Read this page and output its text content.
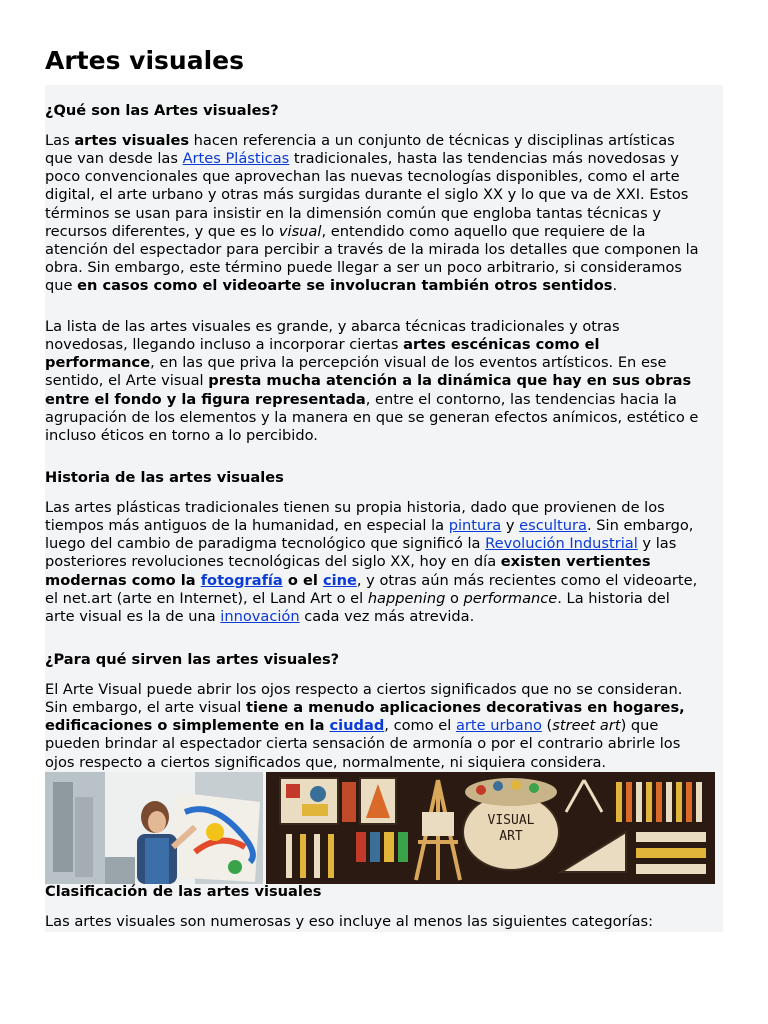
Artes visuales
¿Qué son las Artes visuales?

Las artes visuales hacen referencia a un conjunto de técnicas y disciplinas artísticas
que van desde las Artes Plásticas tradicionales, hasta las tendencias más novedosas y
poco convencionales que aprovechan las nuevas tecnologías disponibles, como el arte
digital, el arte urbano y otras más surgidas durante el siglo XX y lo que va de XXI. Estos
términos se usan para insistir en la dimensión común que engloba tantas técnicas y
recursos diferentes, y que es lo visual, entendido como aquello que requiere de la
atención del espectador para percibir a través de la mirada los detalles que componen la
obra. Sin embargo, este término puede llegar a ser un poco arbitrario, si consideramos
que en casos como el videoarte se involucran también otros sentidos.

La lista de las artes visuales es grande, y abarca técnicas tradicionales y otras
novedosas, llegando incluso a incorporar ciertas artes escénicas como el
performance, en las que priva la percepción visual de los eventos artísticos. En ese
sentido, el Arte visual presta mucha atención a la dinámica que hay en sus obras
entre el fondo y la figura representada, entre el contorno, las tendencias hacia la
agrupación de los elementos y la manera en que se generan efectos anímicos, estético e
incluso éticos en torno a lo percibido.

Historia de las artes visuales

Las artes plásticas tradicionales tienen su propia historia, dado que provienen de los
tiempos más antiguos de la humanidad, en especial la pintura y escultura. Sin embargo,
luego del cambio de paradigma tecnológico que significó la Revolución Industrial y las
posteriores revoluciones tecnológicas del siglo XX, hoy en día existen vertientes
modernas como la fotografía o el cine, y otras aún más recientes como el videoarte,
el net.art (arte en Internet), el Land Art o el happening o performance. La historia del
arte visual es la de una innovación cada vez más atrevida.

¿Para qué sirven las artes visuales?

El Arte Visual puede abrir los ojos respecto a ciertos significados que no se consideran.
Sin embargo, el arte visual tiene a menudo aplicaciones decorativas en hogares,
edificaciones o simplemente en la ciudad, como el arte urbano (street art) que
pueden brindar al espectador cierta sensación de armonía o por el contrario abrirle los
ojos respecto a ciertos significados que, normalmente, ni siquiera considera.

VISUAL
ART
Clasificación de las artes visuales

Las artes visuales son numerosas y eso incluye al menos las siguientes categorías:
